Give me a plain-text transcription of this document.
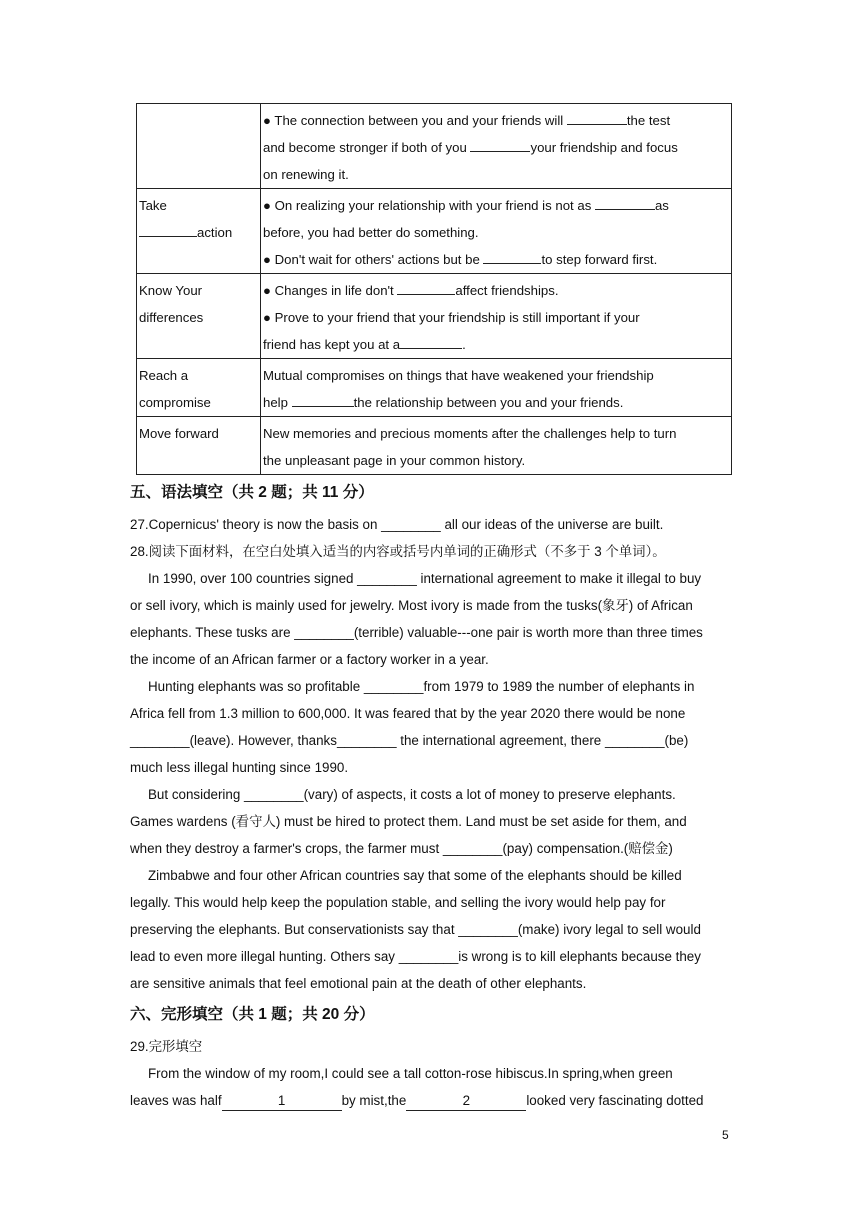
	● The connection between you and your friends will the test
and become stronger if both of you your friendship and focus
on renewing it.

Take
action	● On realizing your relationship with your friend is not as as
before, you had better do something.
● Don't wait for others' actions but be to step forward first.

Know Your
differences	● Changes in life don't affect friendships.
● Prove to your friend that your friendship is still important if your
friend has kept you at a .

Reach a
compromise	Mutual compromises on things that have weakened your friendship
help the relationship between you and your friends.

Move forward	New memories and precious moments after the challenges help to turn
the unpleasant page in your common history.
五、语法填空（共 2 题；共 11 分）

27.Copernicus' theory is now the basis on ________ all our ideas of the universe are built.

28.阅读下面材料，在空白处填入适当的内容或括号内单词的正确形式（不多于 3 个单词）。

In 1990, over 100 countries signed ________ international agreement to make it illegal to buy

or sell ivory, which is mainly used for jewelry. Most ivory is made from the tusks(象牙) of African

elephants. These tusks are ________(terrible) valuable---one pair is worth more than three times

the income of an African farmer or a factory worker in a year.

Hunting elephants was so profitable ________from 1979 to 1989 the number of elephants in

Africa fell from 1.3 million to 600,000. It was feared that by the year 2020 there would be none

________(leave). However, thanks________ the international agreement, there ________(be)

much less illegal hunting since 1990.

But considering ________(vary) of aspects, it costs a lot of money to preserve elephants.

Games wardens (看守人) must be hired to protect them. Land must be set aside for them, and

when they destroy a farmer's crops, the farmer must ________(pay) compensation.(赔偿金)

Zimbabwe and four other African countries say that some of the elephants should be killed

legally. This would help keep the population stable, and selling the ivory would help pay for

preserving the elephants. But conservationists say that ________(make) ivory legal to sell would

lead to even more illegal hunting. Others say ________is wrong is to kill elephants because they

are sensitive animals that feel emotional pain at the death of other elephants.

六、完形填空（共 1 题；共 20 分）

29.完形填空

From the window of my room,I could see a tall cotton-rose hibiscus.In spring,when green

leaves was half	1	by mist,the	2	looked very fascinating dotted

5
